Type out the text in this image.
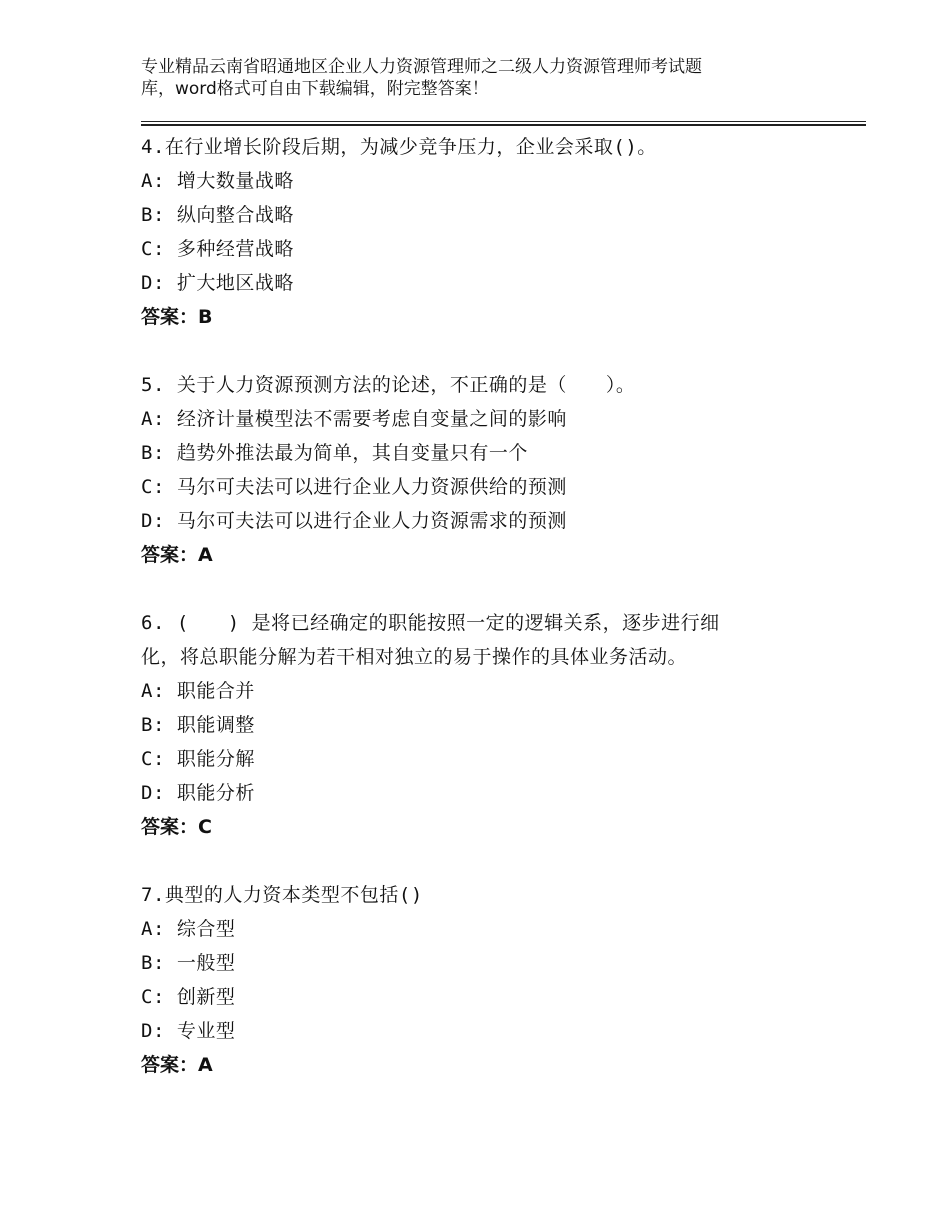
专业精品云南省昭通地区企业人力资源管理师之二级人力资源管理师考试题
库，word格式可自由下载编辑，附完整答案！
4.在行业增长阶段后期，为减少竞争压力，企业会采取()。
A: 增大数量战略
B: 纵向整合战略
C: 多种经营战略
D: 扩大地区战略
答案：B
5. 关于人力资源预测方法的论述，不正确的是（　　）。
A: 经济计量模型法不需要考虑自变量之间的影响
B: 趋势外推法最为简单，其自变量只有一个
C: 马尔可夫法可以进行企业人力资源供给的预测
D: 马尔可夫法可以进行企业人力资源需求的预测
答案：A
6. (　　) 是将已经确定的职能按照一定的逻辑关系，逐步进行细
化，将总职能分解为若干相对独立的易于操作的具体业务活动。
A: 职能合并
B: 职能调整
C: 职能分解
D: 职能分析
答案：C
7.典型的人力资本类型不包括()
A: 综合型
B: 一般型
C: 创新型
D: 专业型
答案：A
